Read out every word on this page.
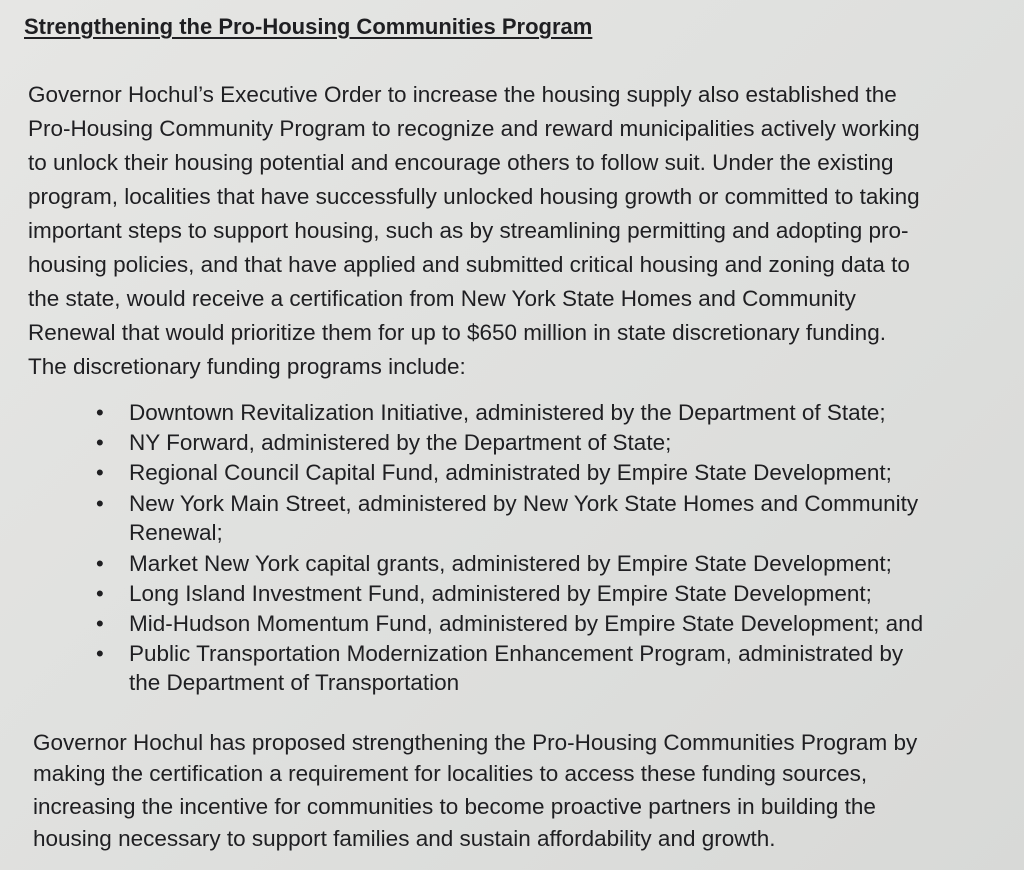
Strengthening the Pro-Housing Communities Program
Governor Hochul’s Executive Order to increase the housing supply also established the
Pro-Housing Community Program to recognize and reward municipalities actively working
to unlock their housing potential and encourage others to follow suit. Under the existing
program, localities that have successfully unlocked housing growth or committed to taking
important steps to support housing, such as by streamlining permitting and adopting pro-
housing policies, and that have applied and submitted critical housing and zoning data to
the state, would receive a certification from New York State Homes and Community
Renewal that would prioritize them for up to $650 million in state discretionary funding.
The discretionary funding programs include:
• Downtown Revitalization Initiative, administered by the Department of State;
• NY Forward, administered by the Department of State;
• Regional Council Capital Fund, administrated by Empire State Development;
• New York Main Street, administered by New York State Homes and Community
Renewal;
• Market New York capital grants, administered by Empire State Development;
• Long Island Investment Fund, administered by Empire State Development;
• Mid-Hudson Momentum Fund, administered by Empire State Development; and
• Public Transportation Modernization Enhancement Program, administrated by
the Department of Transportation
Governor Hochul has proposed strengthening the Pro-Housing Communities Program by
making the certification a requirement for localities to access these funding sources,
increasing the incentive for communities to become proactive partners in building the
housing necessary to support families and sustain affordability and growth.
